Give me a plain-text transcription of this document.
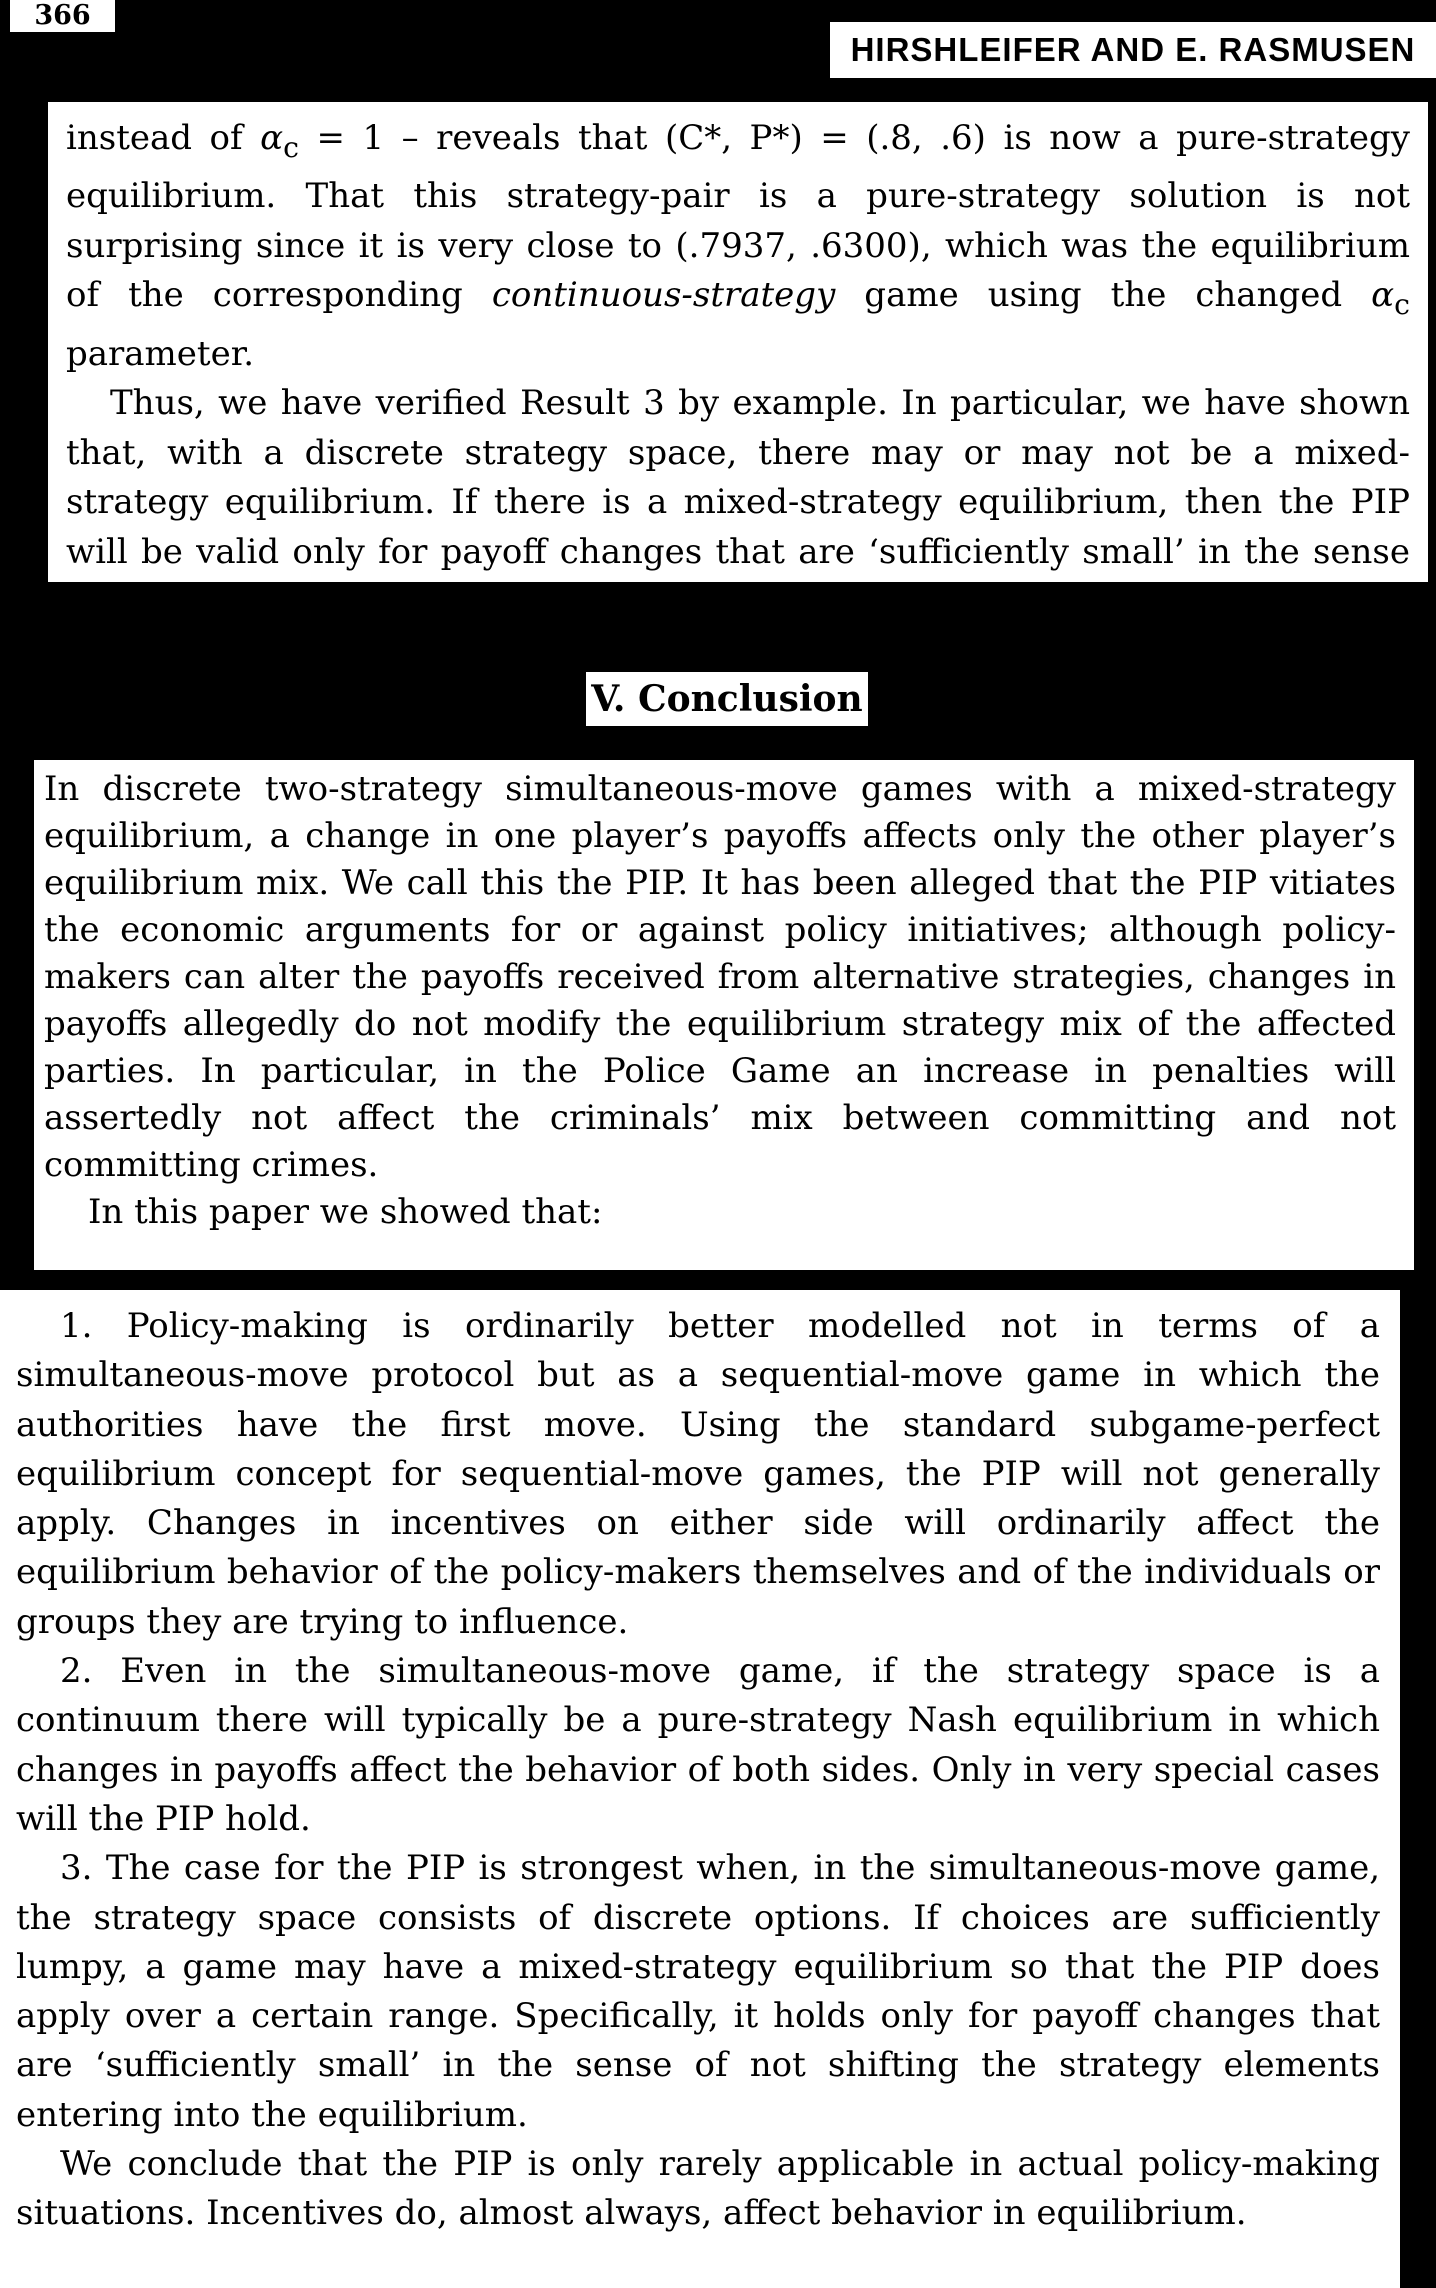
366
HIRSHLEIFER AND E. RASMUSEN

instead of $\alpha_c = 1$ – reveals that (C*, P*) = (.8, .6) is now a pure-strategy equilibrium. That this strategy-pair is a pure-strategy solution is not surprising since it is very close to (.7937, .6300), which was the equilibrium of the corresponding continuous-strategy game using the changed $\alpha_c$ parameter.

Thus, we have verified Result 3 by example. In particular, we have shown that, with a discrete strategy space, there may or may not be a mixed-strategy equilibrium. If there is a mixed-strategy equilibrium, then the PIP will be valid only for payoff changes that are ‘sufficiently small’ in the sense of not affecting the strategies entering into the equilibrium mixture.

V. Conclusion

In discrete two-strategy simultaneous-move games with a mixed-strategy equilibrium, a change in one player’s payoffs affects only the other player’s equilibrium mix. We call this the PIP. It has been alleged that the PIP vitiates the economic arguments for or against policy initiatives; although policy-makers can alter the payoffs received from alternative strategies, changes in payoffs allegedly do not modify the equilibrium strategy mix of the affected parties. In particular, in the Police Game an increase in penalties will assertedly not affect the criminals’ mix between committing and not committing crimes.

In this paper we showed that:

1. Policy-making is ordinarily better modelled not in terms of a simultaneous-move protocol but as a sequential-move game in which the authorities have the first move. Using the standard subgame-perfect equilibrium concept for sequential-move games, the PIP will not generally apply. Changes in incentives on either side will ordinarily affect the equilibrium behavior of the policy-makers themselves and of the individuals or groups they are trying to influence.

2. Even in the simultaneous-move game, if the strategy space is a continuum there will typically be a pure-strategy Nash equilibrium in which changes in payoffs affect the behavior of both sides. Only in very special cases will the PIP hold.

3. The case for the PIP is strongest when, in the simultaneous-move game, the strategy space consists of discrete options. If choices are sufficiently lumpy, a game may have a mixed-strategy equilibrium so that the PIP does apply over a certain range. Specifically, it holds only for payoff changes that are ‘sufficiently small’ in the sense of not shifting the strategy elements entering into the equilibrium.

We conclude that the PIP is only rarely applicable in actual policy-making situations. Incentives do, almost always, affect behavior in equilibrium.
